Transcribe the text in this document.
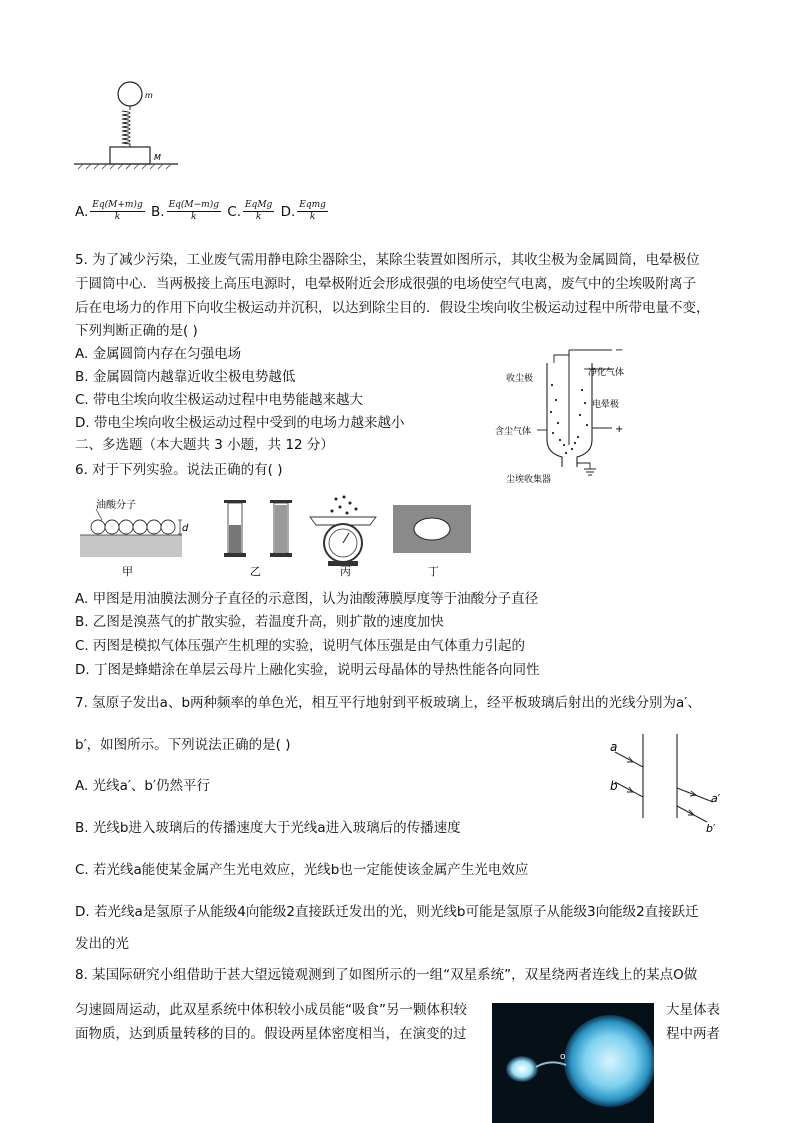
m
M
A. $\frac{Eq(M+m)g}{k} B$. $\frac{Eq(M-m)g}{k} C$. $\frac{\text{EqMg}}{k} D$. $\frac{\text{Eqmg}}{k}$
5. 为了减少污染，工业废气需用静电除尘器除尘，某除尘装置如图所示，其收尘极为金属圆筒，电晕极位
于圆筒中心．当两极接上高压电源时，电晕极附近会形成很强的电场使空气电离，废气中的尘埃吸附离子
后在电场力的作用下向收尘极运动并沉积，以达到除尘目的．假设尘埃向收尘极运动过程中所带电量不变，
下列判断正确的是( )
A. 金属圆筒内存在匀强电场
B. 金属圆筒内越靠近收尘极电势越低
C. 带电尘埃向收尘极运动过程中电势能越来越大
D. 带电尘埃向收尘极运动过程中受到的电场力越来越小
收尘极
净化气体
电晕极
含尘气体
尘埃收集器
−
+
二、多选题（本大题共 3 小题，共 12 分）
6. 对于下列实验。说法正确的有( )
油酸分子
d
甲	乙	丙	丁
A. 甲图是用油膜法测分子直径的示意图，认为油酸薄膜厚度等于油酸分子直径
B. 乙图是溴蒸气的扩散实验，若温度升高，则扩散的速度加快
C. 丙图是模拟气体压强产生机理的实验，说明气体压强是由气体重力引起的
D. 丁图是蜂蜡涂在单层云母片上融化实验，说明云母晶体的导热性能各向同性
7. 氢原子发出a、b两种频率的单色光，相互平行地射到平板玻璃上，经平板玻璃后射出的光线分别为a′、
b′，如图所示。下列说法正确的是( )
A. 光线a′、b′仍然平行
B. 光线b进入玻璃后的传播速度大于光线a进入玻璃后的传播速度
C. 若光线a能使某金属产生光电效应，光线b也一定能使该金属产生光电效应
D. 若光线a是氢原子从能级4向能级2直接跃迁发出的光，则光线b可能是氢原子从能级3向能级2直接跃迁
发出的光
a
b
a′
b′
8. 某国际研究小组借助于甚大望远镜观测到了如图所示的一组“双星系统”，双星绕两者连线上的某点O做
匀速圆周运动，此双星系统中体积较小成员能“吸食”另一颗体积较	大星体表
面物质，达到质量转移的目的。假设两星体密度相当，在演变的过	程中两者
o
